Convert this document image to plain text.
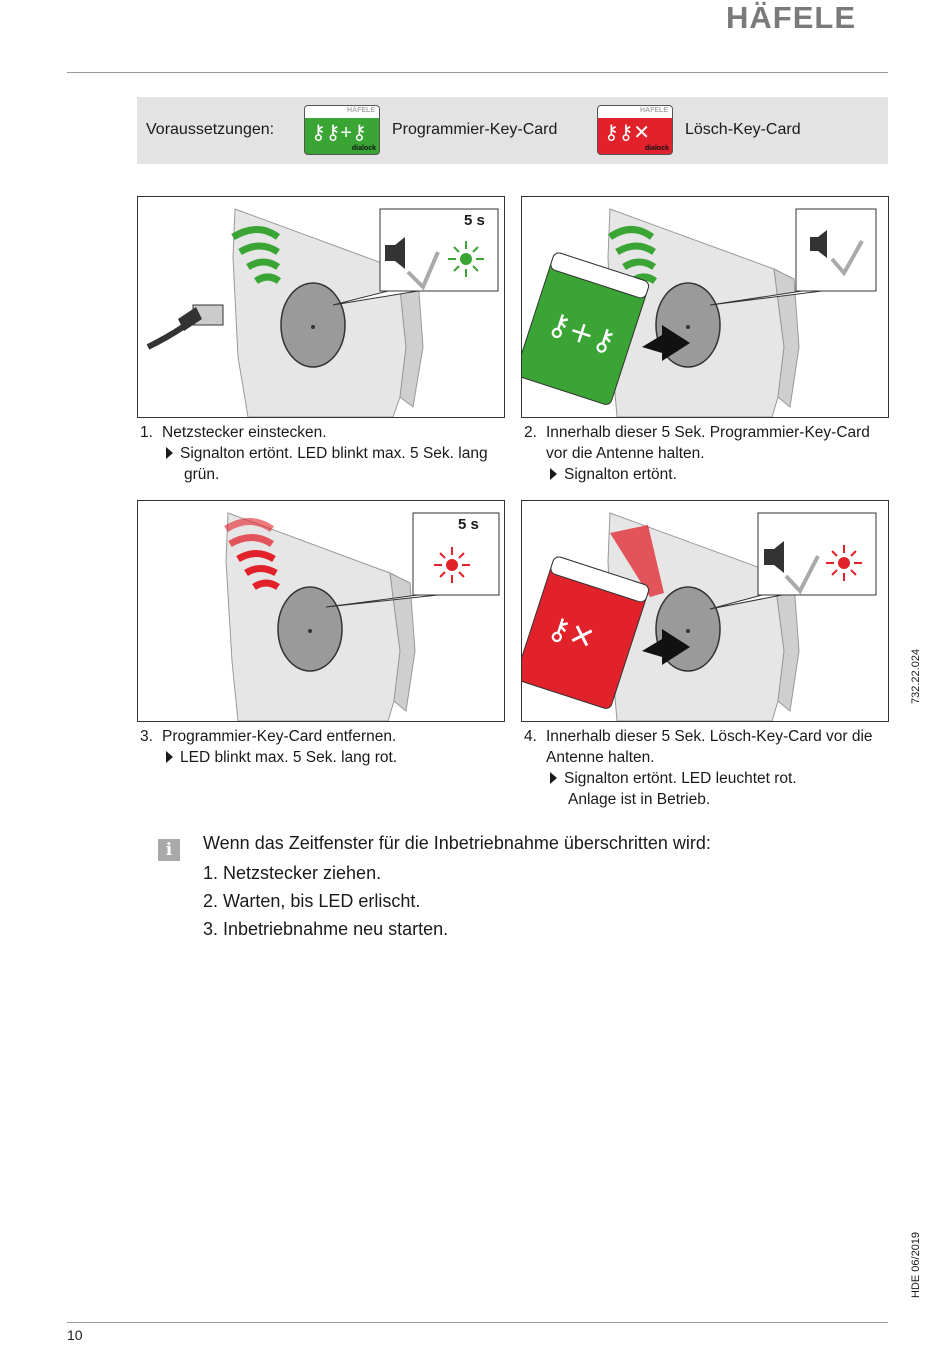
HÄFELE
Voraussetzungen:
HÄFELE
⚷⚷+⚷
dialock
Programmier-Key-Card
HÄFELE
⚷⚷✕
dialock
Lösch-Key-Card
5 s
⚷+⚷
1. Netzstecker einstecken.
Signalton ertönt. LED blinkt max. 5 Sek. lang
grün.
2. Innerhalb dieser 5 Sek. Programmier-Key-Card
vor die Antenne halten.
Signalton ertönt.
5 s
⚷✕
3. Programmier-Key-Card entfernen.
LED blinkt max. 5 Sek. lang rot.
4. Innerhalb dieser 5 Sek. Lösch-Key-Card vor die
Antenne halten.
Signalton ertönt. LED leuchtet rot.
Anlage ist in Betrieb.
732.22.024
HDE 06/2019
i	Wenn das Zeitfenster für die Inbetriebnahme überschritten wird:
1. Netzstecker ziehen.
2. Warten, bis LED erlischt.
3. Inbetriebnahme neu starten.
10
